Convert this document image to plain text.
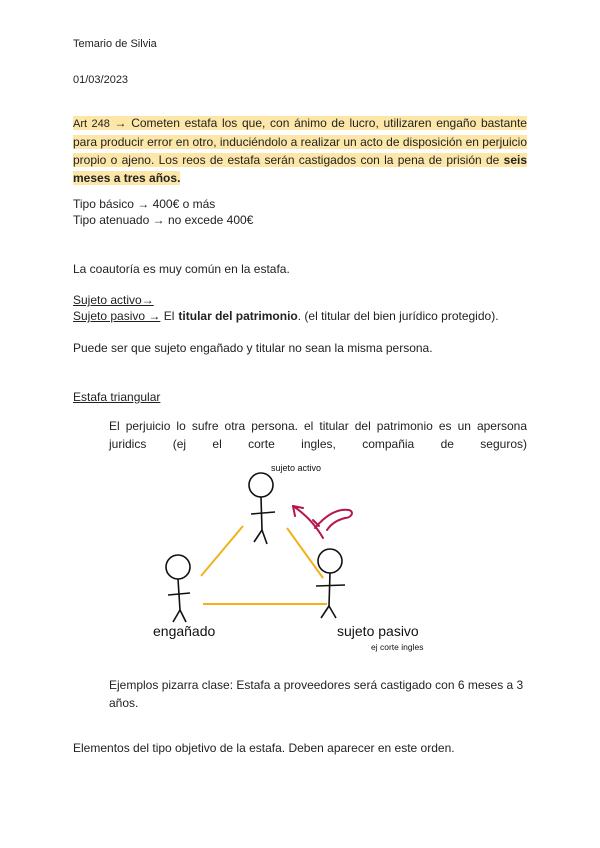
Temario de Silvia
01/03/2023
Art 248 → Cometen estafa los que, con ánimo de lucro, utilizaren engaño bastante para producir error en otro, induciéndolo a realizar un acto de disposición en perjuicio propio o ajeno. Los reos de estafa serán castigados con la pena de prisión de seis meses a tres años.
Tipo básico → 400€ o más
Tipo atenuado → no excede 400€
La coautoría es muy común en la estafa.
Sujeto activo→
Sujeto pasivo → El titular del patrimonio. (el titular del bien jurídico protegido).
Puede ser que sujeto engañado y titular no sean la misma persona.
Estafa triangular
El perjuicio lo sufre otra persona. el titular del patrimonio es un apersona
juridics (ej el corte ingles, compañia de seguros)
sujeto activo
engañado	sujeto pasivo
ej corte ingles
Ejemplos pizarra clase: Estafa a proveedores será castigado con 6 meses a 3 años.
Elementos del tipo objetivo de la estafa. Deben aparecer en este orden.
